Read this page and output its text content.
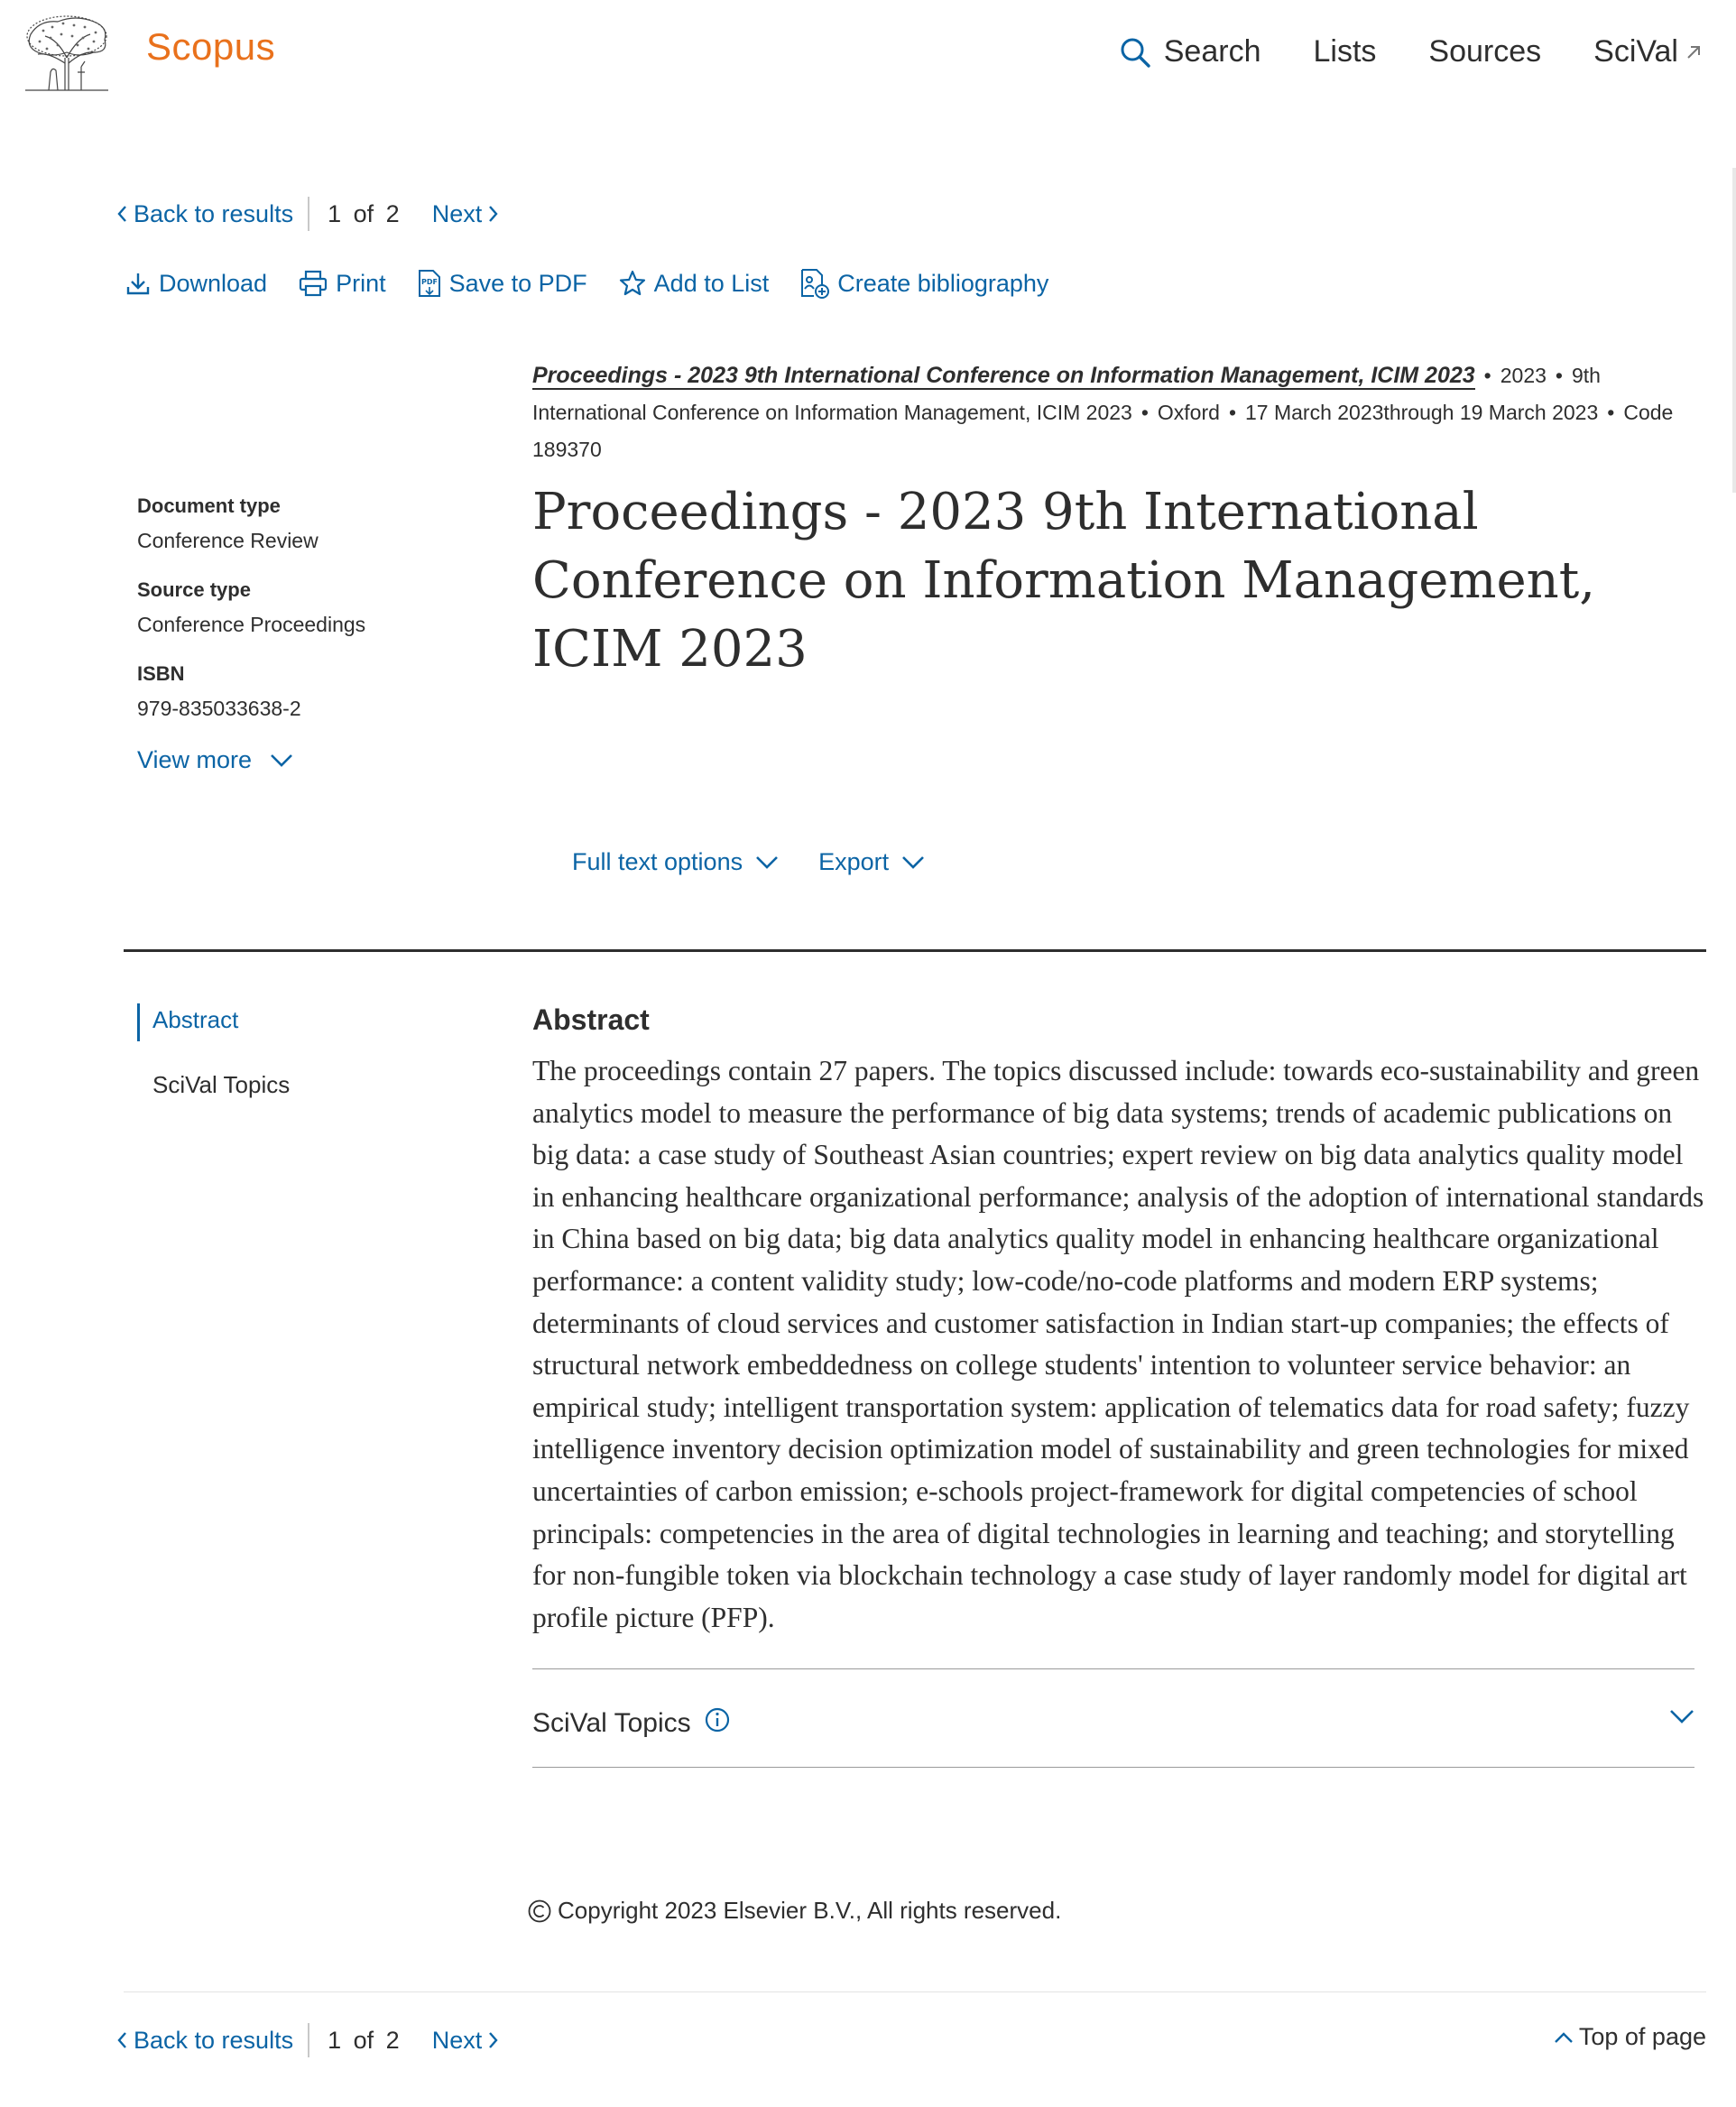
Scopus	Search Lists Sources SciVal
Back to results 1 of 2 Next
Download	Print	PDF Save to PDF	Add to List	Create bibliography
Proceedings - 2023 9th International Conference on Information Management, ICIM 2023 • 2023 • 9th International Conference on Information Management, ICIM 2023 • Oxford • 17 March 2023through 19 March 2023 • Code 189370
Document type
Conference Review
Source type
Conference Proceedings
ISBN
979-835033638-2
View more
Proceedings - 2023 9th International Conference on Information Management, ICIM 2023
Full text options	Export
Abstract
SciVal Topics
Abstract

The proceedings contain 27 papers. The topics discussed include: towards eco-sustainability and green analytics model to measure the performance of big data systems; trends of academic publications on big data: a case study of Southeast Asian countries; expert review on big data analytics quality model in enhancing healthcare organizational performance; analysis of the adoption of international standards in China based on big data; big data analytics quality model in enhancing healthcare organizational performance: a content validity study; low-code/no-code platforms and modern ERP systems; determinants of cloud services and customer satisfaction in Indian start-up companies; the effects of structural network embeddedness on college students' intention to volunteer service behavior: an empirical study; intelligent transportation system: application of telematics data for road safety; fuzzy intelligence inventory decision optimization model of sustainability and green technologies for mixed uncertainties of carbon emission; e-schools project-framework for digital competencies of school principals: competencies in the area of digital technologies in learning and teaching; and storytelling for non-fungible token via blockchain technology a case study of layer randomly model for digital art profile picture (PFP).

SciVal Topics
Copyright 2023 Elsevier B.V., All rights reserved.
Back to results 1 of 2 Next	Top of page
